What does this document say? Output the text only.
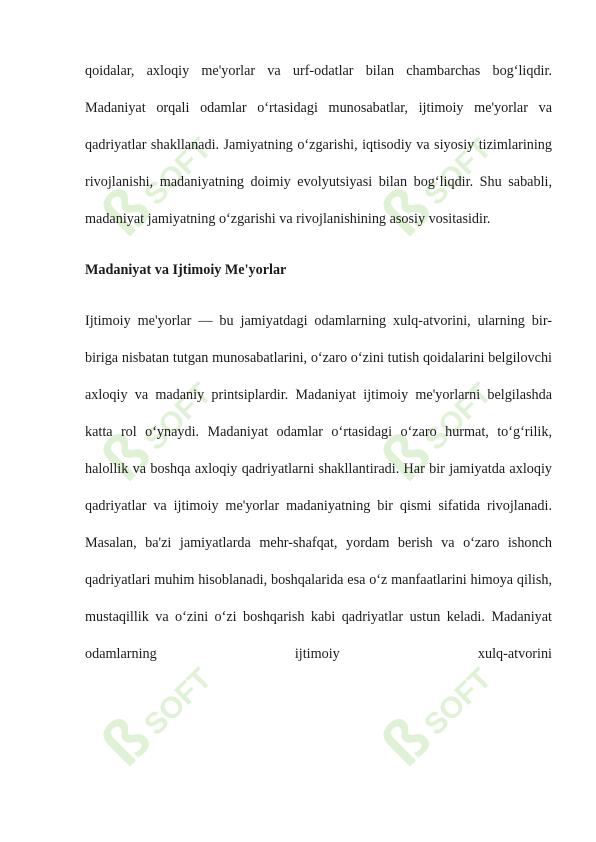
ß
SOFT ß
SOFT
ß
SOFT ß
SOFT
ß
SOFT ß
SOFT

qoidalar, axloqiy me'yorlar va urf-odatlar bilan chambarchas bog‘liqdir. Madaniyat orqali odamlar o‘rtasidagi munosabatlar, ijtimoiy me'yorlar va qadriyatlar shakllanadi. Jamiyatning o‘zgarishi, iqtisodiy va siyosiy tizimlarining rivojlanishi, madaniyatning doimiy evolyutsiyasi bilan bog‘liqdir. Shu sababli, madaniyat jamiyatning o‘zgarishi va rivojlanishining asosiy vositasidir.

Madaniyat va Ijtimoiy Me'yorlar

Ijtimoiy me'yorlar — bu jamiyatdagi odamlarning xulq-atvorini, ularning bir-biriga nisbatan tutgan munosabatlarini, o‘zaro o‘zini tutish qoidalarini belgilovchi axloqiy va madaniy printsiplardir. Madaniyat ijtimoiy me'yorlarni belgilashda katta rol o‘ynaydi. Madaniyat odamlar o‘rtasidagi o‘zaro hurmat, to‘g‘rilik, halollik va boshqa axloqiy qadriyatlarni shakllantiradi. Har bir jamiyatda axloqiy qadriyatlar va ijtimoiy me'yorlar madaniyatning bir qismi sifatida rivojlanadi. Masalan, ba'zi jamiyatlarda mehr-shafqat, yordam berish va o‘zaro ishonch qadriyatlari muhim hisoblanadi, boshqalarida esa o‘z manfaatlarini himoya qilish, mustaqillik va o‘zini o‘zi boshqarish kabi qadriyatlar ustun keladi. Madaniyat odamlarning ijtimoiy xulq-atvorini
